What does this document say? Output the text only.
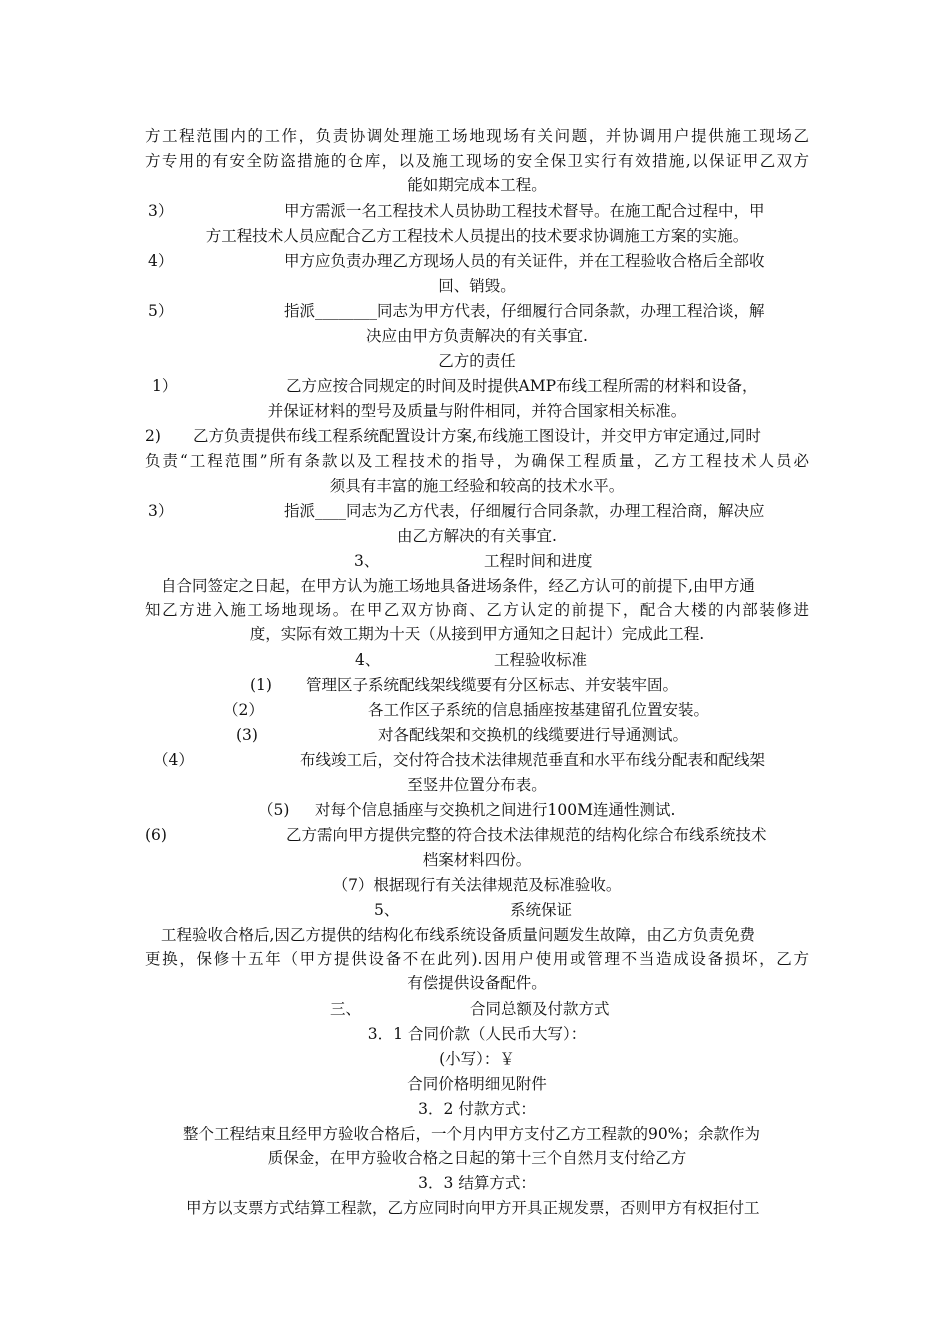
方工程范围内的工作，负责协调处理施工场地现场有关问题，并协调用户提供施工现场乙
方专用的有安全防盗措施的仓库，以及施工现场的安全保卫实行有效措施,以保证甲乙双方
能如期完成本工程。
3）	甲方需派一名工程技术人员协助工程技术督导。在施工配合过程中，甲
方工程技术人员应配合乙方工程技术人员提出的技术要求协调施工方案的实施。
4）	甲方应负责办理乙方现场人员的有关证件，并在工程验收合格后全部收
回、销毁。
5）	指派________同志为甲方代表，仔细履行合同条款，办理工程洽谈，解
决应由甲方负责解决的有关事宜.
乙方的责任
1）	乙方应按合同规定的时间及时提供AMP布线工程所需的材料和设备，
并保证材料的型号及质量与附件相同，并符合国家相关标准。
2) 乙方负责提供布线工程系统配置设计方案,布线施工图设计，并交甲方审定通过,同时
负责“工程范围”所有条款以及工程技术的指导，为确保工程质量，乙方工程技术人员必
须具有丰富的施工经验和较高的技术水平。
3）	指派____同志为乙方代表，仔细履行合同条款，办理工程洽商，解决应
由乙方解决的有关事宜.
3、	工程时间和进度
自合同签定之日起，在甲方认为施工场地具备进场条件，经乙方认可的前提下,由甲方通
知乙方进入施工场地现场。在甲乙双方协商、乙方认定的前提下，配合大楼的内部装修进
度，实际有效工期为十天（从接到甲方通知之日起计）完成此工程.
4、	工程验收标准
(1) 管理区子系统配线架线缆要有分区标志、并安装牢固。
（2）	各工作区子系统的信息插座按基建留孔位置安装。
(3)	对各配线架和交换机的线缆要进行导通测试。
（4）	布线竣工后，交付符合技术法律规范垂直和水平布线分配表和配线架
至竖井位置分布表。
（5) 对每个信息插座与交换机之间进行100M连通性测试.
(6)	乙方需向甲方提供完整的符合技术法律规范的结构化综合布线系统技术
档案材料四份。
（7）根据现行有关法律规范及标准验收。
5、	系统保证
工程验收合格后,因乙方提供的结构化布线系统设备质量问题发生故障，由乙方负责免费
更换，保修十五年（甲方提供设备不在此列).因用户使用或管理不当造成设备损坏，乙方
有偿提供设备配件。
三、	合同总额及付款方式
3．1 合同价款（人民币大写）：
(小写）：￥
合同价格明细见附件
3．2 付款方式：
整个工程结束且经甲方验收合格后，一个月内甲方支付乙方工程款的90%；余款作为
质保金，在甲方验收合格之日起的第十三个自然月支付给乙方
3．3 结算方式：
甲方以支票方式结算工程款，乙方应同时向甲方开具正规发票，否则甲方有权拒付工
